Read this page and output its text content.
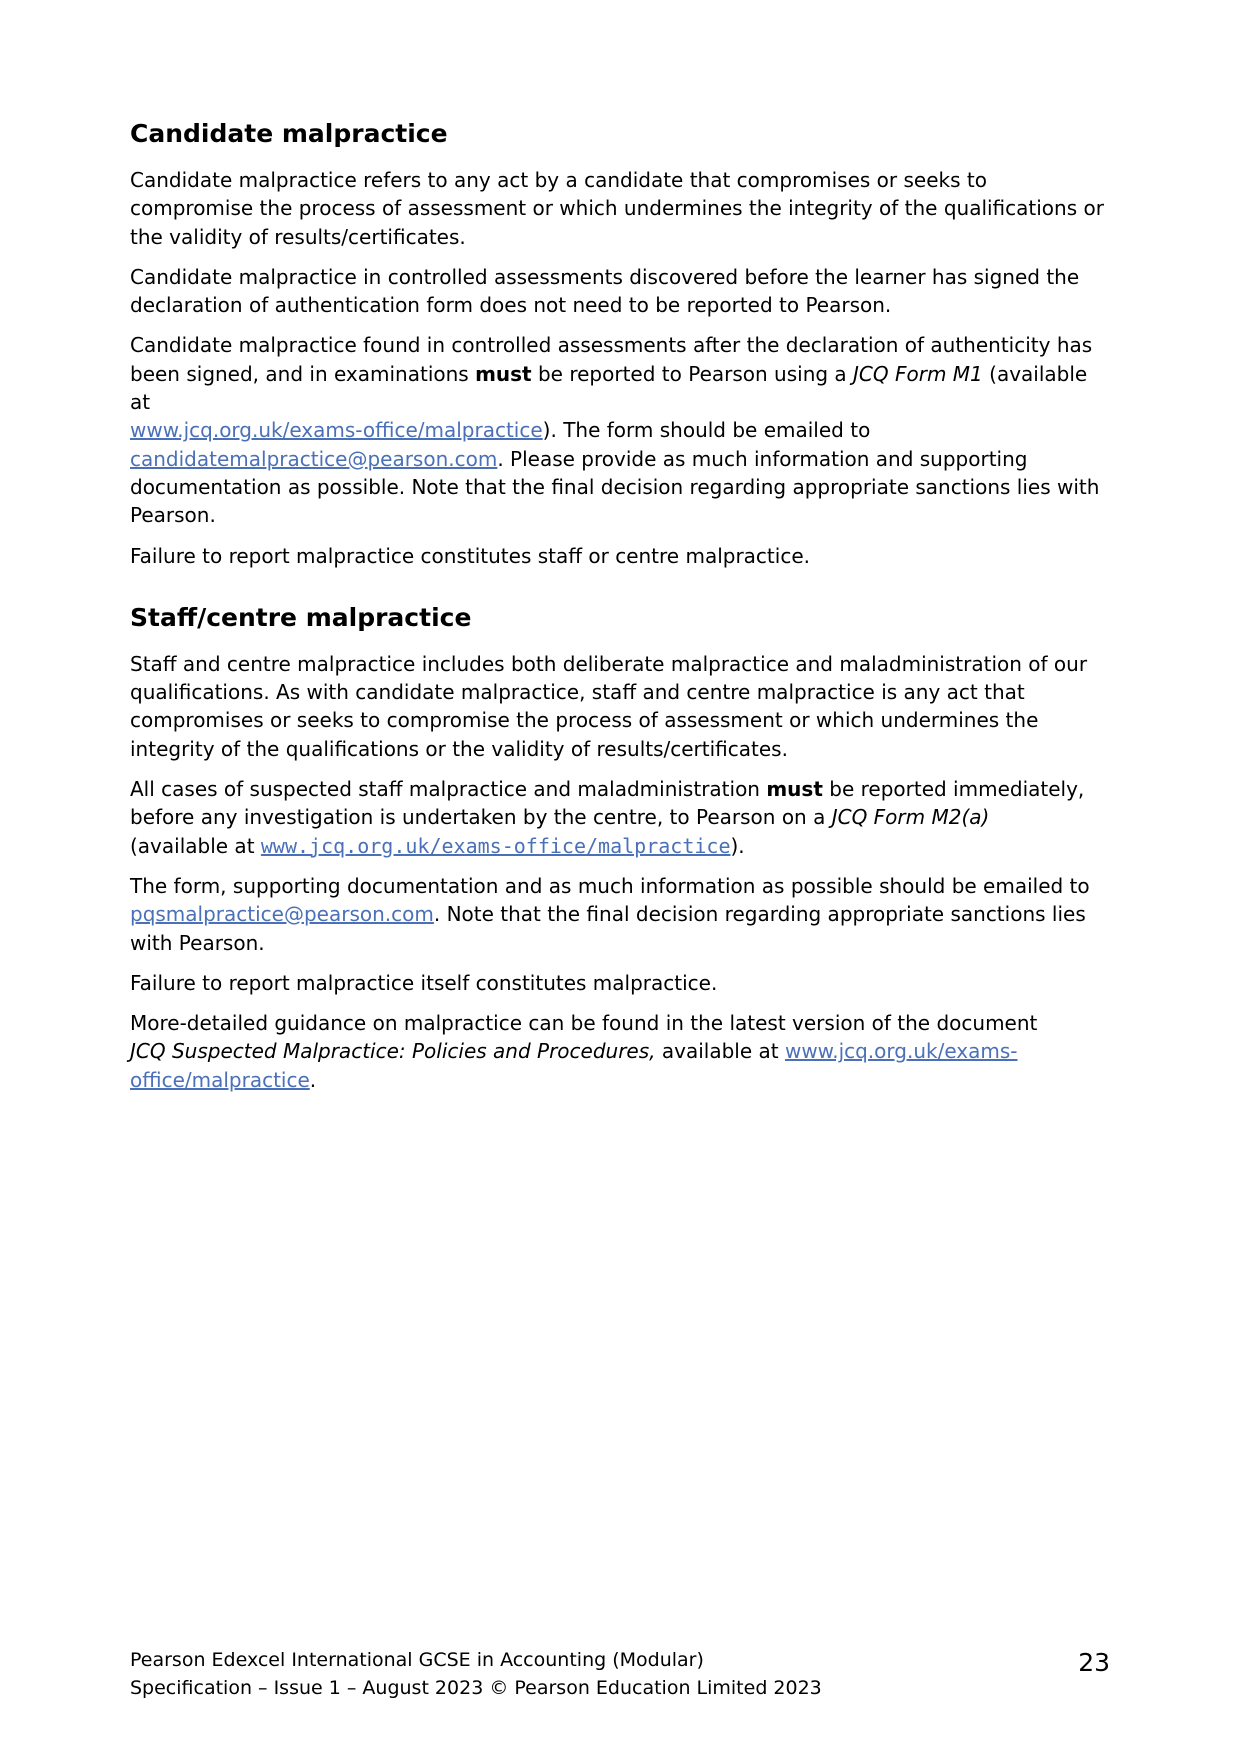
Candidate malpractice

Candidate malpractice refers to any act by a candidate that compromises or seeks to compromise the process of assessment or which undermines the integrity of the qualifications or the validity of results/certificates.

Candidate malpractice in controlled assessments discovered before the learner has signed the declaration of authentication form does not need to be reported to Pearson.

Candidate malpractice found in controlled assessments after the declaration of authenticity has been signed, and in examinations must be reported to Pearson using a JCQ Form M1 (available at
www.jcq.org.uk/exams-office/malpractice). The form should be emailed to
candidatemalpractice@pearson.com. Please provide as much information and supporting documentation as possible. Note that the final decision regarding appropriate sanctions lies with Pearson.

Failure to report malpractice constitutes staff or centre malpractice.

Staff/centre malpractice

Staff and centre malpractice includes both deliberate malpractice and maladministration of our qualifications. As with candidate malpractice, staff and centre malpractice is any act that compromises or seeks to compromise the process of assessment or which undermines the integrity of the qualifications or the validity of results/certificates.

All cases of suspected staff malpractice and maladministration must be reported immediately, before any investigation is undertaken by the centre, to Pearson on a JCQ Form M2(a)
(available at www.jcq.org.uk/exams-office/malpractice).

The form, supporting documentation and as much information as possible should be emailed to pqsmalpractice@pearson.com. Note that the final decision regarding appropriate sanctions lies with Pearson.

Failure to report malpractice itself constitutes malpractice.

More-detailed guidance on malpractice can be found in the latest version of the document
JCQ Suspected Malpractice: Policies and Procedures, available at www.jcq.org.uk/exams-
office/malpractice.

Pearson Edexcel International GCSE in Accounting (Modular)
Specification – Issue 1 – August 2023 © Pearson Education Limited 2023
23
